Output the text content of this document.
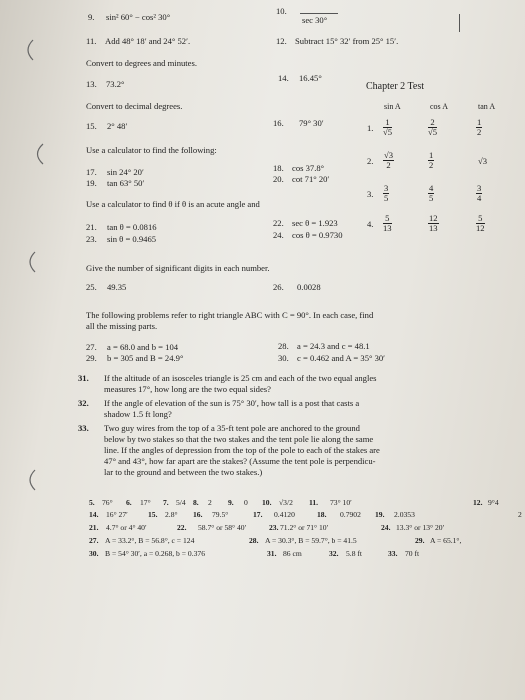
9. sin² 60° − cos² 30°
10.
sec 30°
11. Add 48° 18′ and 24° 52′.	12. Subtract 15° 32′ from 25° 15′.
Convert to degrees and minutes.
13. 73.2°
14. 16.45°
Convert to decimal degrees.
15. 2° 48′	16. 79° 30′
Use a calculator to find the following:
17. sin 24° 20′	18. cos 37.8°
19. tan 63° 50′	20. cot 71° 20′
Use a calculator to find θ if θ is an acute angle and
21. tan θ = 0.0816	22. sec θ = 1.923
23. sin θ = 0.9465	24. cos θ = 0.9730
Give the number of significant digits in each number.
25. 49.35	26. 0.0028
Chapter 2 Test
sin A	cos A	tan A
1. $\frac{1}{√5}$	$\frac{2}{√5}$	$\frac{1}{2}$
2. $\frac{√3}{2}$	$\frac{1}{2}$	√3
3. $\frac{3}{5}$	$\frac{4}{5}$	$\frac{3}{4}$
4. $\frac{5}{13}$	$\frac{12}{13}$	$\frac{5}{12}$
The following problems refer to right triangle ABC with C = 90°. In each case, find
all the missing parts.
27. a = 68.0 and b = 104	28. a = 24.3 and c = 48.1
29. b = 305 and B = 24.9°	30. c = 0.462 and A = 35° 30′
31. If the altitude of an isosceles triangle is 25 cm and each of the two equal angles
measures 17°, how long are the two equal sides?
32. If the angle of elevation of the sun is 75° 30′, how tall is a post that casts a
shadow 1.5 ft long?
33. Two guy wires from the top of a 35-ft tent pole are anchored to the ground
below by two stakes so that the two stakes and the tent pole lie along the same
line. If the angles of depression from the top of the pole to each of the stakes are
47° and 43°, how far apart are the stakes? (Assume the tent pole is perpendicu-
lar to the ground and between the two stakes.)
5. 76° 6. 17° 7. 5/4 8. 2 9. 0 10. √3/2 11. 73° 10′	12. 9°4
14. 16° 27′	15. 2.8° 16. 79.5°	17. 0.4120	18. 0.7902 19. 2.0353	2
21. 4.7° or 4° 40′	22. 58.7° or 58° 40′	23. 71.2° or 71° 10′	24. 13.3° or 13° 20′
27. A = 33.2°, B = 56.8°, c = 124	28. A = 30.3°, B = 59.7°, b = 41.5	29. A = 65.1°,
30. B = 54° 30′, a = 0.268, b = 0.376	31. 86 cm	32. 5.8 ft	33. 70 ft
